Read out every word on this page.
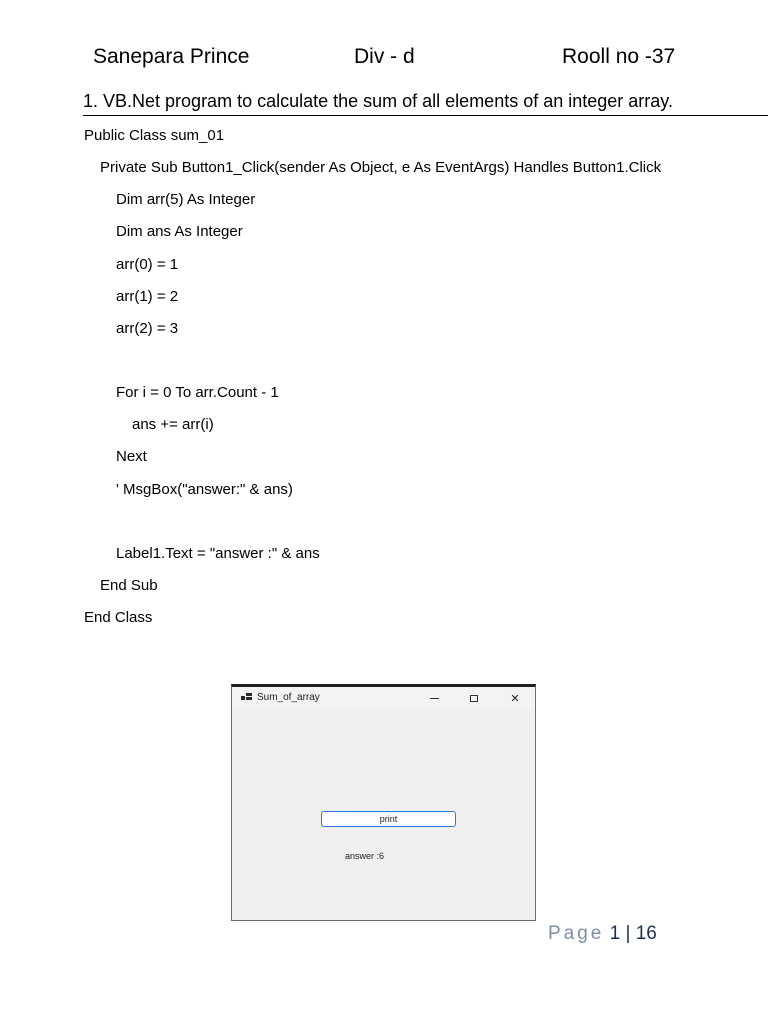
Sanepara Prince	Div - d	Rooll no -37
1. VB.Net program to calculate the sum of all elements of an integer array.
Public Class sum_01
Private Sub Button1_Click(sender As Object, e As EventArgs) Handles Button1.Click
Dim arr(5) As Integer
Dim ans As Integer
arr(0) = 1
arr(1) = 2
arr(2) = 3
For i = 0 To arr.Count - 1
ans += arr(i)
Next
' MsgBox("answer:" & ans)
Label1.Text = "answer :" & ans
End Sub
End Class
Sum_of_array	✕
print
answer :6
Page 1 | 16
